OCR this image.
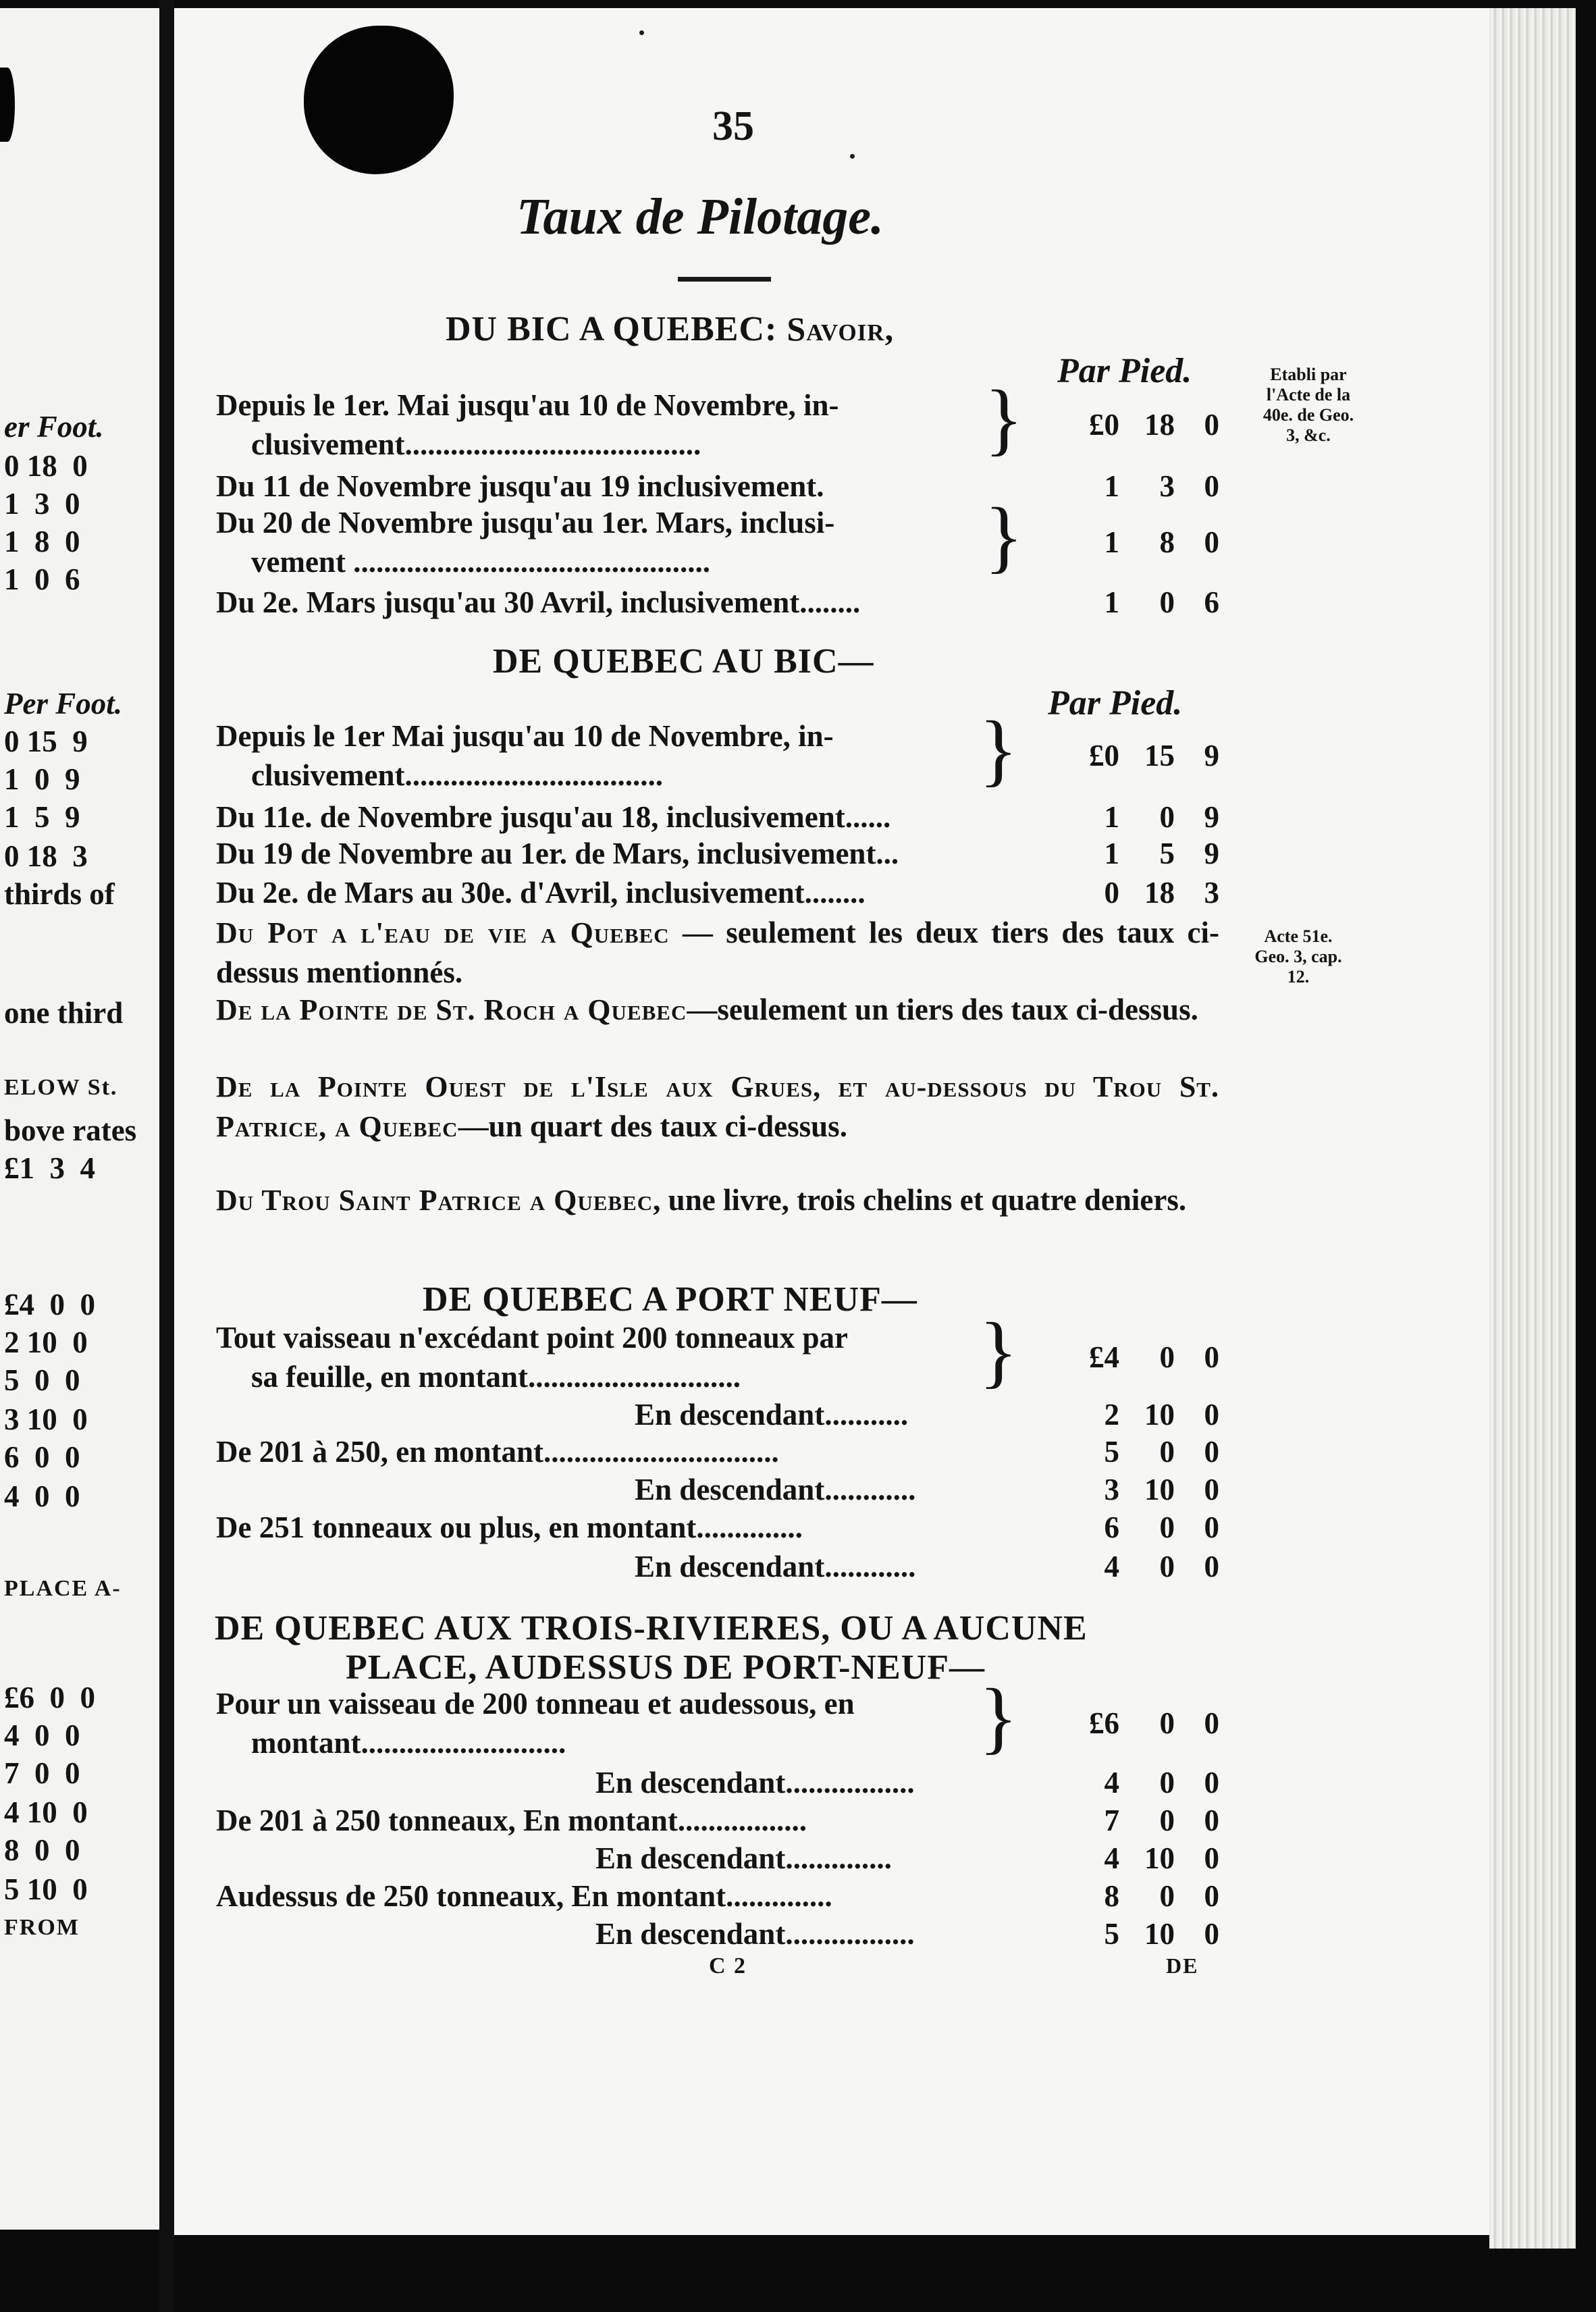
er Foot.
0 18  0
1  3  0
1  8  0
1  0  6
Per Foot.
0 15  9
1  0  9
1  5  9
0 18  3
thirds of
one third
ELOW St.
bove rates
£1  3  4
£4  0  0
2 10  0
5  0  0
3 10  0
6  0  0
4  0  0
PLACE A-
£6  0  0
4  0  0
7  0  0
4 10  0
8  0  0
5 10  0
FROM
35
Taux de Pilotage.
DU BIC A QUEBEC: Savoir,
Par Pied.	Etabli par
l'Acte de la
40e. de Geo.
3, &c.
Depuis le 1er. Mai jusqu'au 10 de Novembre, in-
clusivement.......................................	}	£0 18 0
Du 11 de Novembre jusqu'au 19 inclusivement.	1	3 0
Du 20 de Novembre jusqu'au 1er. Mars, inclusi-
vement ...............................................	}	1	8 0
Du 2e. Mars jusqu'au 30 Avril, inclusivement........	1	0 6
DE QUEBEC AU BIC—
Par Pied.
Depuis le 1er Mai jusqu'au 10 de Novembre, in-
clusivement..................................	}	£0 15 9
Du 11e. de Novembre jusqu'au 18, inclusivement......	1	0 9
Du 19 de Novembre au 1er. de Mars, inclusivement...	1	5 9
Du 2e. de Mars au 30e. d'Avril, inclusivement........	0 18 3
Du Pot a l'eau de vie a Quebec — seulement les deux tiers des taux ci-dessus mentionnés.
De la Pointe de St. Roch a Quebec—seulement un tiers des taux ci-dessus.
De la Pointe Ouest de l'Isle aux Grues, et au-dessous du Trou St. Patrice, a Quebec—un quart des taux ci-dessus.
Du Trou Saint Patrice a Quebec, une livre, trois chelins et quatre deniers.
Acte 51e.
Geo. 3, cap.
12.
DE QUEBEC A PORT NEUF—
Tout vaisseau n'excédant point 200 tonneaux par
sa feuille, en montant............................	}	£4	0 0
En descendant...........	2 10 0
De 201 à 250, en montant...............................	5	0 0
En descendant............	3 10 0
De 251 tonneaux ou plus, en montant..............	6	0 0
En descendant............	4	0 0
DE QUEBEC AUX TROIS-RIVIERES, OU A AUCUNE
PLACE, AUDESSUS DE PORT-NEUF—
Pour un vaisseau de 200 tonneau et audessous, en
montant...........................	}	£6	0 0
En descendant.................	4	0 0
De 201 à 250 tonneaux, En montant.................	7	0 0
En descendant..............	4 10 0
Audessus de 250 tonneaux, En montant..............	8	0 0
En descendant.................	5 10 0
C 2	DE
